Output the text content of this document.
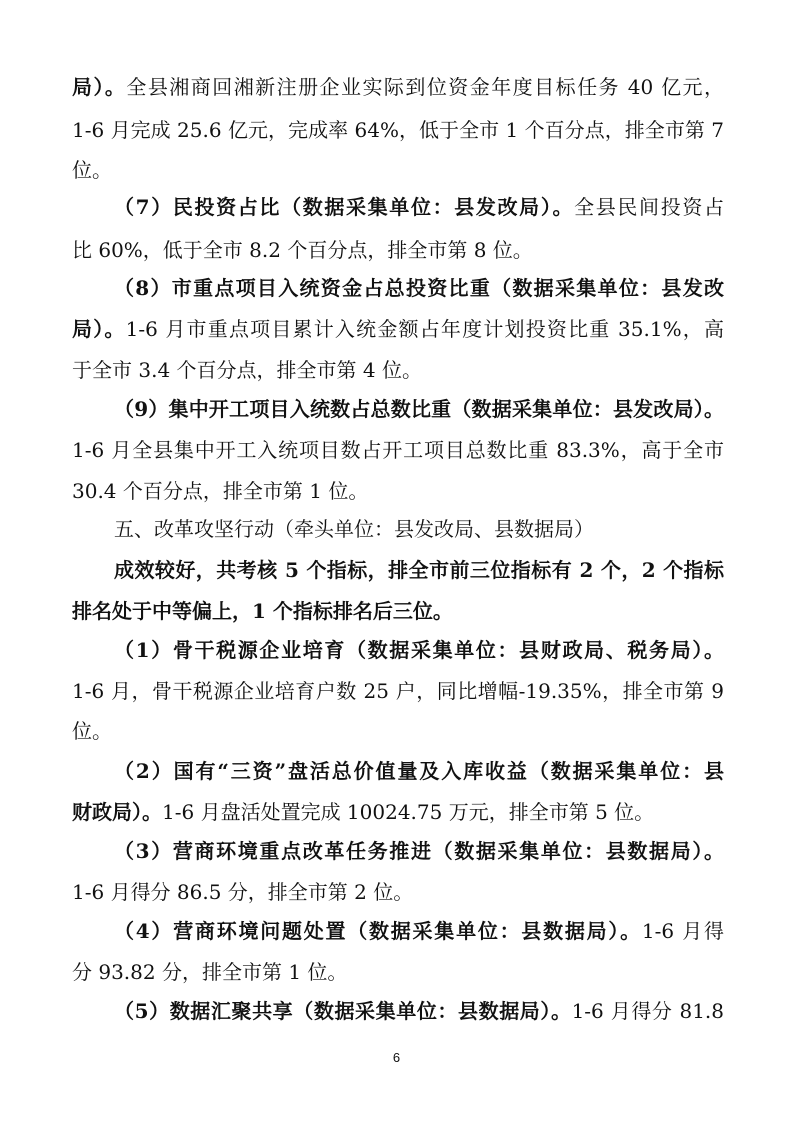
局）。全县湘商回湘新注册企业实际到位资金年度目标任务 40 亿元，
1-6 月完成 25.6 亿元，完成率 64%，低于全市 1 个百分点，排全市第 7
位。
（7）民投资占比（数据采集单位：县发改局）。全县民间投资占
比 60%，低于全市 8.2 个百分点，排全市第 8 位。
（8）市重点项目入统资金占总投资比重（数据采集单位：县发改
局）。1-6 月市重点项目累计入统金额占年度计划投资比重 35.1%，高
于全市 3.4 个百分点，排全市第 4 位。
（9）集中开工项目入统数占总数比重（数据采集单位：县发改局）。
1-6 月全县集中开工入统项目数占开工项目总数比重 83.3%，高于全市
30.4 个百分点，排全市第 1 位。
五、改革攻坚行动（牵头单位：县发改局、县数据局）
成效较好，共考核 5 个指标，排全市前三位指标有 2 个，2 个指标
排名处于中等偏上，1 个指标排名后三位。
（1）骨干税源企业培育（数据采集单位：县财政局、税务局）。
1-6 月，骨干税源企业培育户数 25 户，同比增幅-19.35%，排全市第 9
位。
（2）国有“三资”盘活总价值量及入库收益（数据采集单位：县
财政局）。1-6 月盘活处置完成 10024.75 万元，排全市第 5 位。
（3）营商环境重点改革任务推进（数据采集单位：县数据局）。
1-6 月得分 86.5 分，排全市第 2 位。
（4）营商环境问题处置（数据采集单位：县数据局）。1-6 月得
分 93.82 分，排全市第 1 位。
（5）数据汇聚共享（数据采集单位：县数据局）。1-6 月得分 81.8
6
